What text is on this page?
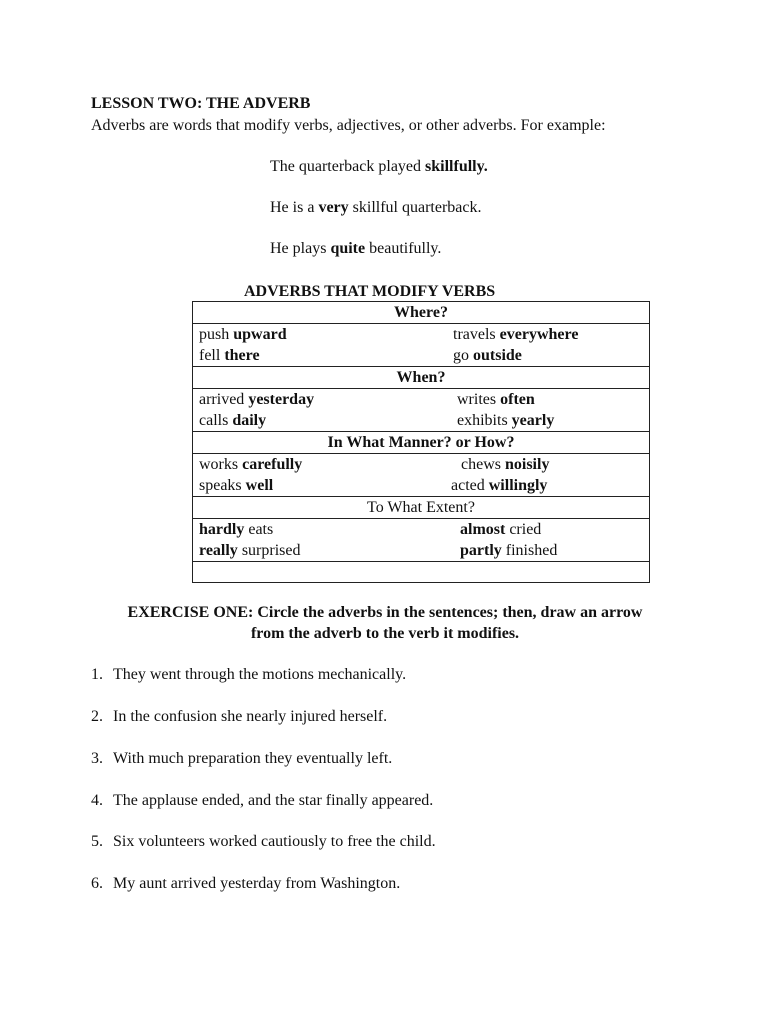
LESSON TWO: THE ADVERB
Adverbs are words that modify verbs, adjectives, or other adverbs. For example:
The quarterback played skillfully.
He is a very skillful quarterback.
He plays quite beautifully.
ADVERBS THAT MODIFY VERBS
Where?
push upward	travels everywhere
fell there	go outside
When?
arrived yesterday	writes often
calls daily	exhibits yearly
In What Manner? or How?
works carefully	chews noisily
speaks well	acted willingly
To What Extent?
hardly eats	almost cried
really surprised	partly finished
EXERCISE ONE: Circle the adverbs in the sentences; then, draw an arrow
from the adverb to the verb it modifies.
1. They went through the motions mechanically.
2. In the confusion she nearly injured herself.
3. With much preparation they eventually left.
4. The applause ended, and the star finally appeared.
5. Six volunteers worked cautiously to free the child.
6. My aunt arrived yesterday from Washington.
